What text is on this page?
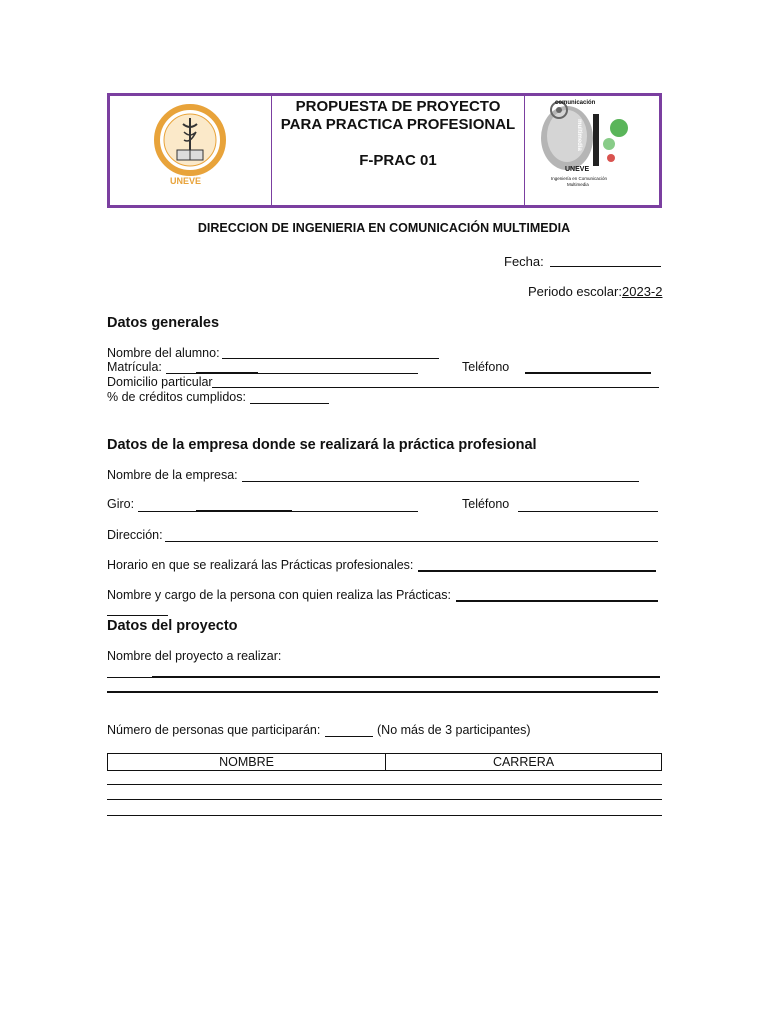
UNEVE
PROPUESTA DE PROYECTO
PARA PRACTICA PROFESIONAL
F-PRAC 01
comunicación
multimedia
UNEVE
Ingeniería en Comunicación
Multimedia
DIRECCION DE INGENIERIA EN COMUNICACIÓN MULTIMEDIA
Fecha:
Periodo escolar: 2023-2
Datos generales
Nombre del alumno:
Matrícula:	Teléfono
Domicilio particular
% de créditos cumplidos:
Datos de la empresa donde se realizará la práctica profesional
Nombre de la empresa:
Giro:	Teléfono
Dirección:
Horario en que se realizará las Prácticas profesionales:
Nombre y cargo de la persona con quien realiza las Prácticas:
Datos del proyecto
Nombre del proyecto a realizar:
Número de personas que participarán:	(No más de 3 participantes)
NOMBRE	CARRERA
